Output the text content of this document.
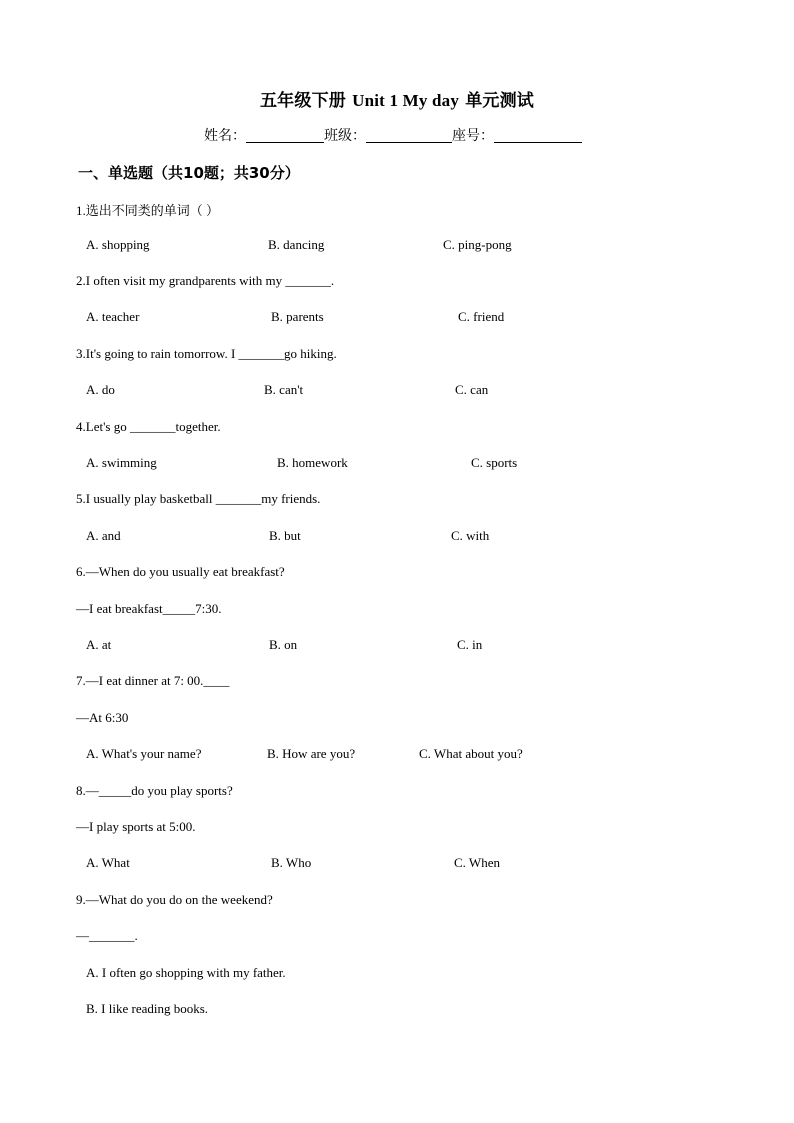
五年级下册 Unit 1 My day 单元测试
姓名：	班级：	座号：
一、单选题（共10题；共30分）
1.选出不同类的单词（ ）
A. shopping	B. dancing	C. ping-pong
2.I often visit my grandparents with my _______.
A. teacher	B. parents	C. friend
3.It's going to rain tomorrow. I _______go hiking.
A. do	B. can't	C. can
4.Let's go _______together.
A. swimming	B. homework	C. sports
5.I usually play basketball _______my friends.
A. and	B. but	C. with
6.—When do you usually eat breakfast?
—I eat breakfast_____7:30.
A. at	B. on	C. in
7.—I eat dinner at 7: 00.____
—At 6:30
A. What's your name?	B. How are you?	C. What about you?
8.—_____do you play sports?
—I play sports at 5:00.
A. What	B. Who	C. When
9.—What do you do on the weekend?
—_______.
A. I often go shopping with my father.
B. I like reading books.
